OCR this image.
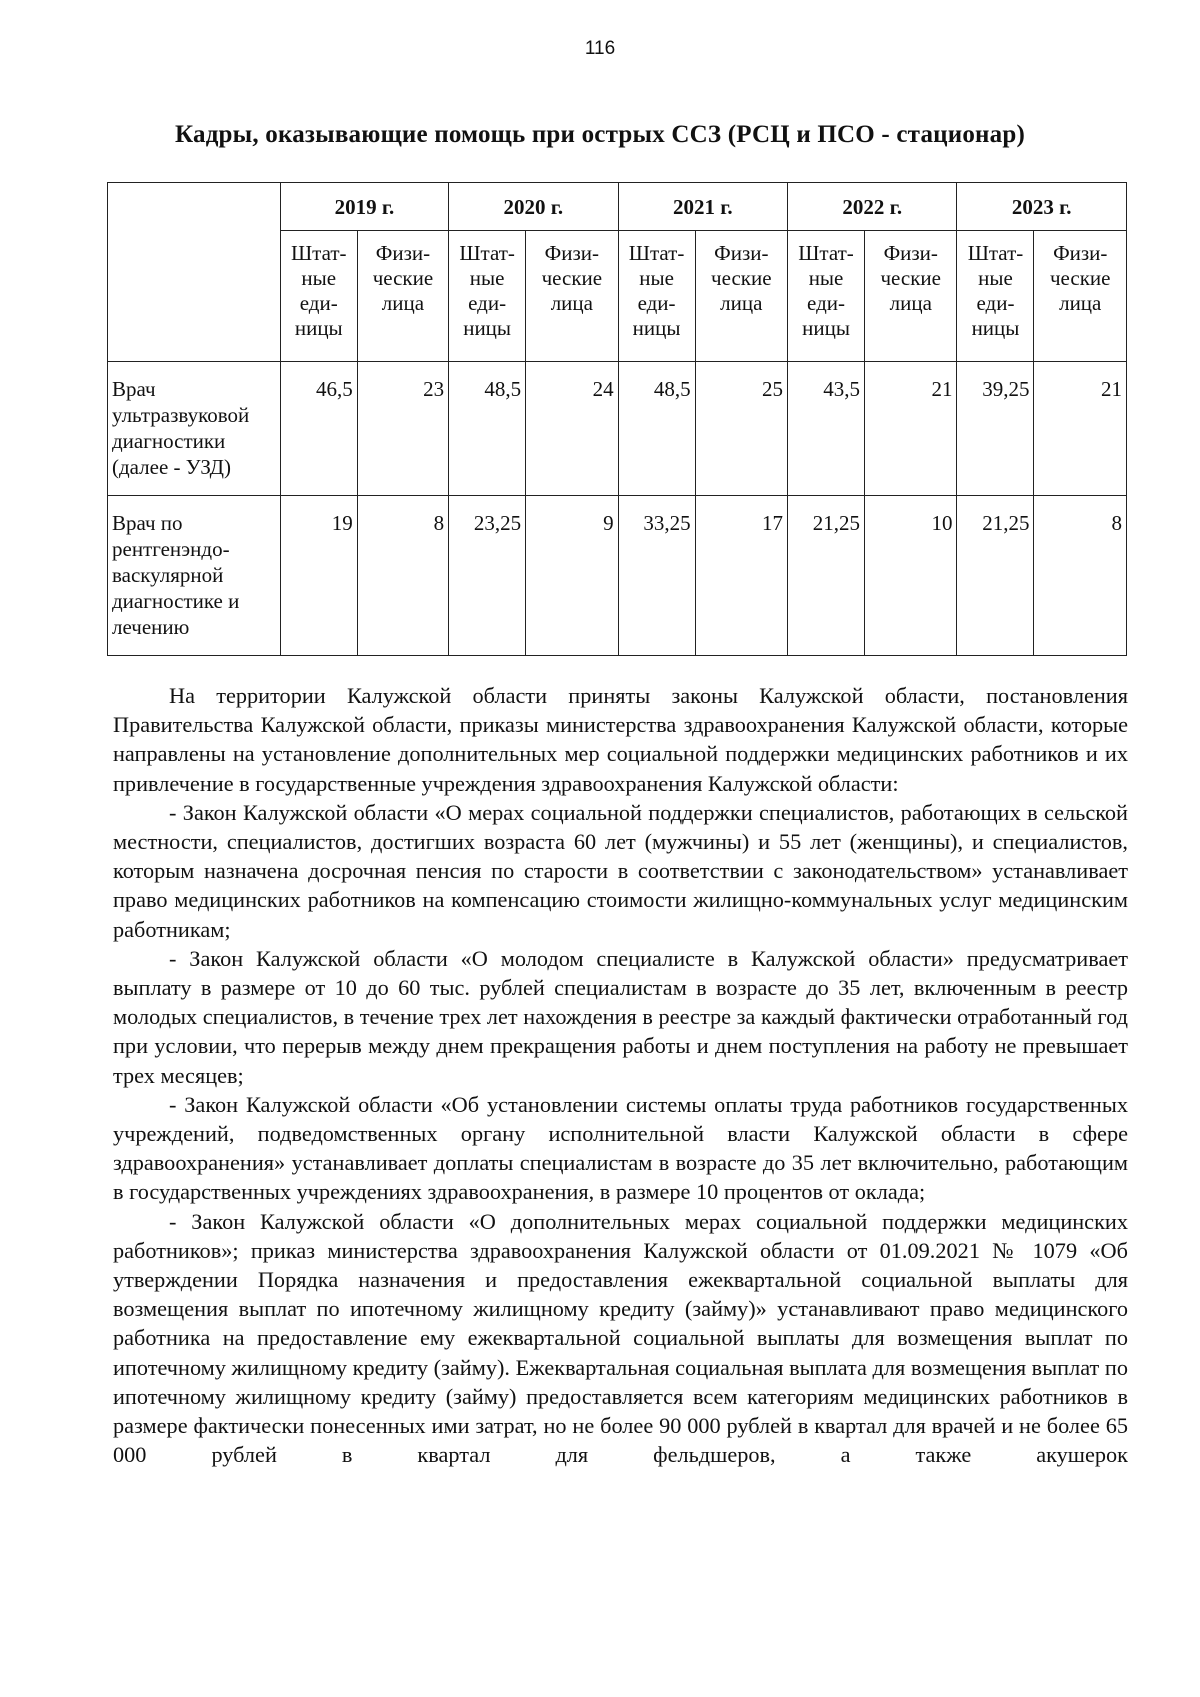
116
Кадры, оказывающие помощь при острых ССЗ (РСЦ и ПСО - стационар)
	2019 г.		2020 г.		2021 г.		2022 г.		2023 г.	
	Штат-
ные
еди-
ницы	Физи-
ческие
лица	Штат-
ные
еди-
ницы	Физи-
ческие
лица	Штат-
ные
еди-
ницы	Физи-
ческие
лица	Штат-
ные
еди-
ницы	Физи-
ческие
лица	Штат-
ные
еди-
ницы	Физи-
ческие
лица
Врач
ультразвуковой
диагностики
(далее - УЗД)	46,5	23	48,5	24	48,5	25	43,5	21	39,25	21
Врач по
рентгенэндо-
васкулярной
диагностике и
лечению	19	8	23,25	9	33,25	17	21,25	10	21,25	8

На территории Калужской области приняты законы Калужской области, постановления Правительства Калужской области, приказы министерства здравоохранения Калужской области, которые направлены на установление дополнительных мер социальной поддержки медицинских работников и их привлечение в государственные учреждения здравоохранения Калужской области:

- Закон Калужской области «О мерах социальной поддержки специалистов, работающих в сельской местности, специалистов, достигших возраста 60 лет (мужчины) и 55 лет (женщины), и специалистов, которым назначена досрочная пенсия по старости в соответствии с законодательством» устанавливает право медицинских работников на компенсацию стоимости жилищно-коммунальных услуг медицинским работникам;

- Закон Калужской области «О молодом специалисте в Калужской области» предусматривает выплату в размере от 10 до 60 тыс. рублей специалистам в возрасте до 35 лет, включенным в реестр молодых специалистов, в течение трех лет нахождения в реестре за каждый фактически отработанный год при условии, что перерыв между днем прекращения работы и днем поступления на работу не превышает трех месяцев;

- Закон Калужской области «Об установлении системы оплаты труда работников государственных учреждений, подведомственных органу исполнительной власти Калужской области в сфере здравоохранения» устанавливает доплаты специалистам в возрасте до 35 лет включительно, работающим в государственных учреждениях здравоохранения, в размере 10 процентов от оклада;

- Закон Калужской области «О дополнительных мерах социальной поддержки медицинских работников»; приказ министерства здравоохранения Калужской области от 01.09.2021 № 1079 «Об утверждении Порядка назначения и предоставления ежеквартальной социальной выплаты для возмещения выплат по ипотечному жилищному кредиту (займу)» устанавливают право медицинского работника на предоставление ему ежеквартальной социальной выплаты для возмещения выплат по ипотечному жилищному кредиту (займу). Ежеквартальная социальная выплата для возмещения выплат по ипотечному жилищному кредиту (займу) предоставляется всем категориям медицинских работников в размере фактически понесенных ими затрат, но не более 90 000 рублей в квартал для врачей и не более 65 000 рублей в квартал для фельдшеров, а также акушерок
